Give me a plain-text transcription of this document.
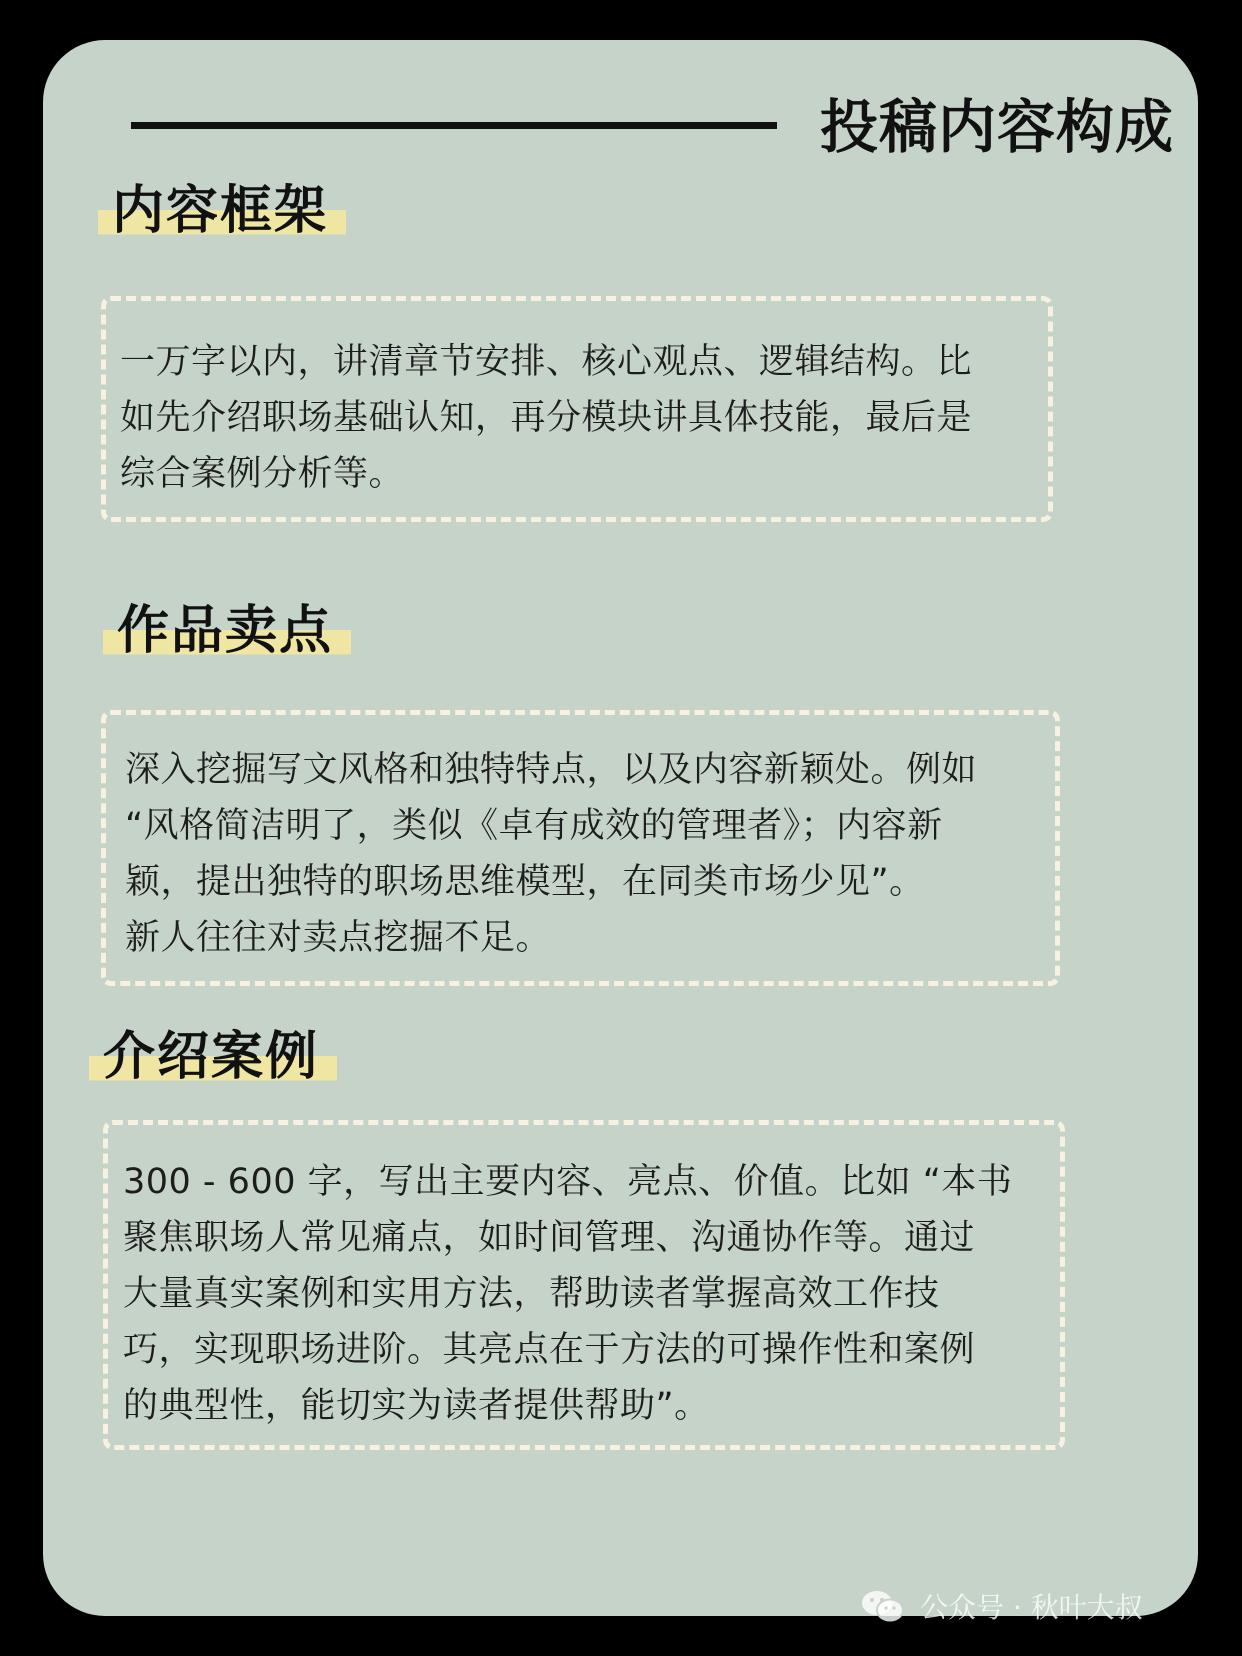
投稿内容构成
内容框架

一万字以内，讲清章节安排、核心观点、逻辑结构。比
如先介绍职场基础认知，再分模块讲具体技能，最后是
综合案例分析等。

作品卖点

深入挖掘写文风格和独特特点，以及内容新颖处。例如
“风格简洁明了，类似《卓有成效的管理者》；内容新
颖，提出独特的职场思维模型，在同类市场少见”。
新人往往对卖点挖掘不足。

介绍案例

300 - 600 字，写出主要内容、亮点、价值。比如 “本书
聚焦职场人常见痛点，如时间管理、沟通协作等。通过
大量真实案例和实用方法，帮助读者掌握高效工作技
巧，实现职场进阶。其亮点在于方法的可操作性和案例
的典型性，能切实为读者提供帮助”。

公众号 · 秋叶大叔
